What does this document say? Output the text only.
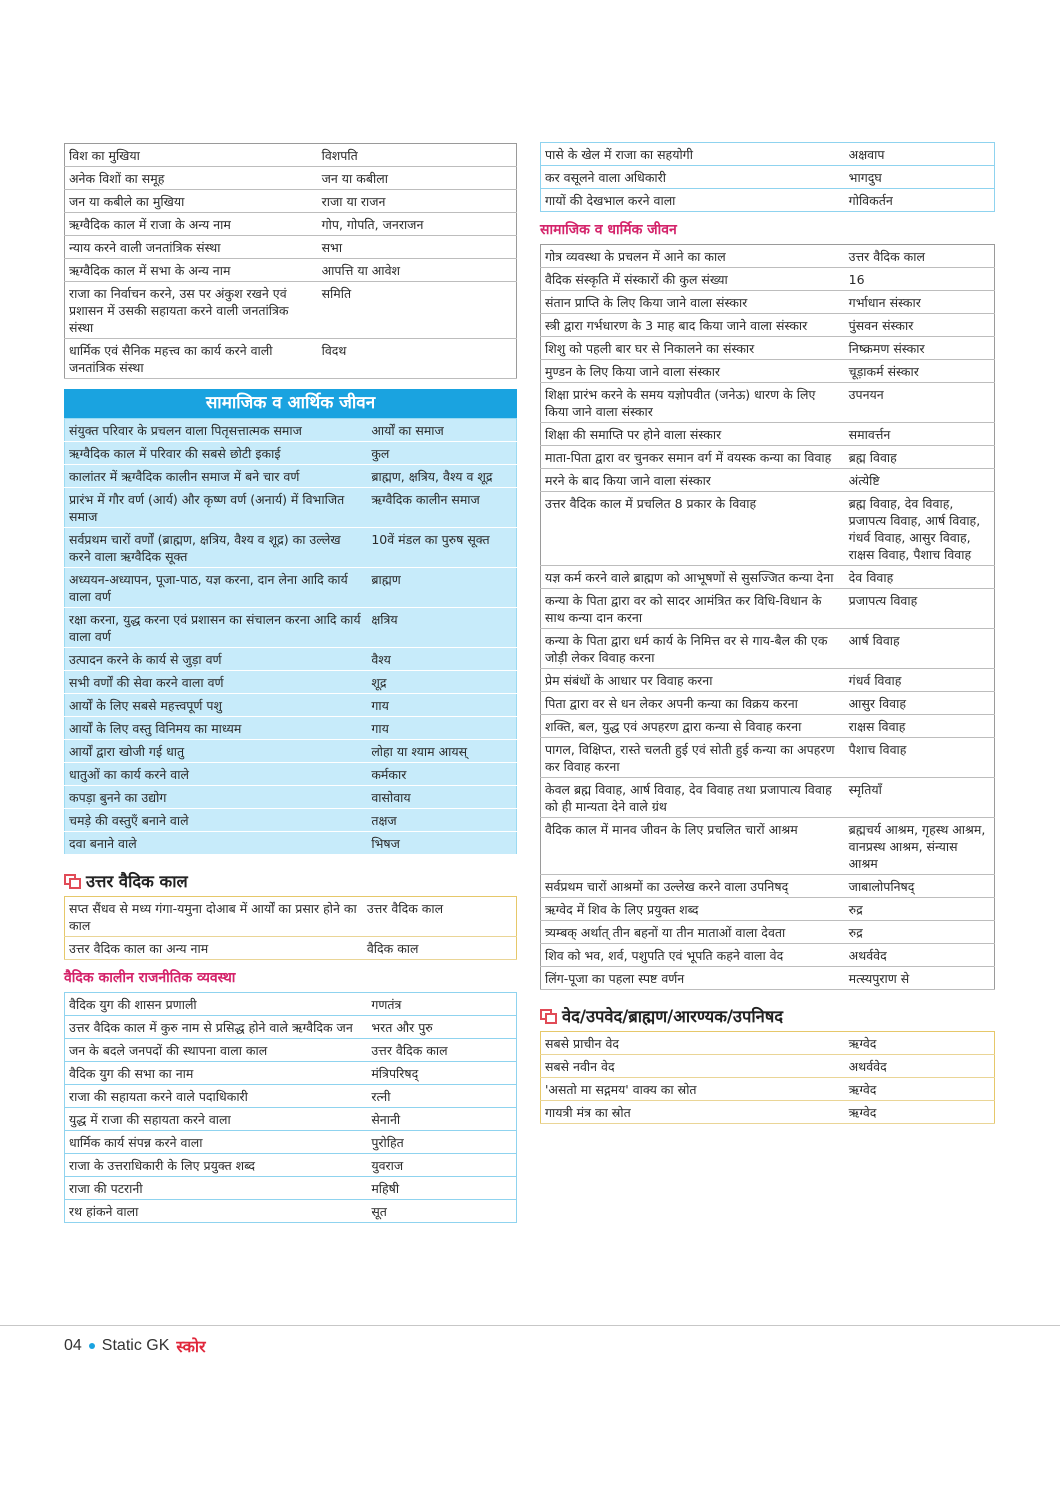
विश का मुखिया	विशपति
अनेक विशों का समूह	जन या कबीला
जन या कबीले का मुखिया	राजा या राजन
ऋग्वैदिक काल में राजा के अन्य नाम	गोप, गोपति, जनराजन
न्याय करने वाली जनतांत्रिक संस्था	सभा
ऋग्वैदिक काल में सभा के अन्य नाम	आपत्ति या आवेश
राजा का निर्वाचन करने, उस पर अंकुश रखने एवं प्रशासन में उसकी सहायता करने वाली जनतांत्रिक संस्था	समिति
धार्मिक एवं सैनिक महत्त्व का कार्य करने वाली जनतांत्रिक संस्था	विदथ
सामाजिक व आर्थिक जीवन
संयुक्त परिवार के प्रचलन वाला पितृसत्तात्मक समाज	आर्यों का समाज
ऋग्वैदिक काल में परिवार की सबसे छोटी इकाई	कुल
कालांतर में ऋग्वैदिक कालीन समाज में बने चार वर्ण	ब्राह्मण, क्षत्रिय, वैश्य व शूद्र
प्रारंभ में गौर वर्ण (आर्य) और कृष्ण वर्ण (अनार्य) में विभाजित समाज	ऋग्वैदिक कालीन समाज
सर्वप्रथम चारों वर्णों (ब्राह्मण, क्षत्रिय, वैश्य व शूद्र) का उल्लेख करने वाला ऋग्वैदिक सूक्त	10वें मंडल का पुरुष सूक्त
अध्ययन-अध्यापन, पूजा-पाठ, यज्ञ करना, दान लेना आदि कार्य वाला वर्ण	ब्राह्मण
रक्षा करना, युद्ध करना एवं प्रशासन का संचालन करना आदि कार्य वाला वर्ण	क्षत्रिय
उत्पादन करने के कार्य से जुड़ा वर्ण	वैश्य
सभी वर्णों की सेवा करने वाला वर्ण	शूद्र
आर्यों के लिए सबसे महत्त्वपूर्ण पशु	गाय
आर्यों के लिए वस्तु विनिमय का माध्यम	गाय
आर्यों द्वारा खोजी गई धातु	लोहा या श्याम आयस्
धातुओं का कार्य करने वाले	कर्मकार
कपड़ा बुनने का उद्योग	वासोवाय
चमड़े की वस्तुएँ बनाने वाले	तक्षज
दवा बनाने वाले	भिषज
उत्तर वैदिक काल
सप्त सैंधव से मध्य गंगा-यमुना दोआब में आर्यों का प्रसार होने का काल	उत्तर वैदिक काल
उत्तर वैदिक काल का अन्य नाम	वैदिक काल
वैदिक कालीन राजनीतिक व्यवस्था
वैदिक युग की शासन प्रणाली	गणतंत्र
उत्तर वैदिक काल में कुरु नाम से प्रसिद्ध होने वाले ऋग्वैदिक जन	भरत और पुरु
जन के बदले जनपदों की स्थापना वाला काल	उत्तर वैदिक काल
वैदिक युग की सभा का नाम	मंत्रिपरिषद्
राजा की सहायता करने वाले पदाधिकारी	रत्नी
युद्ध में राजा की सहायता करने वाला	सेनानी
धार्मिक कार्य संपन्न करने वाला	पुरोहित
राजा के उत्तराधिकारी के लिए प्रयुक्त शब्द	युवराज
राजा की पटरानी	महिषी
रथ हांकने वाला	सूत
पासे के खेल में राजा का सहयोगी	अक्षवाप
कर वसूलने वाला अधिकारी	भागदुघ
गायों की देखभाल करने वाला	गोविकर्तन
सामाजिक व धार्मिक जीवन
गोत्र व्यवस्था के प्रचलन में आने का काल	उत्तर वैदिक काल
वैदिक संस्कृति में संस्कारों की कुल संख्या	16
संतान प्राप्ति के लिए किया जाने वाला संस्कार	गर्भाधान संस्कार
स्त्री द्वारा गर्भधारण के 3 माह बाद किया जाने वाला संस्कार	पुंसवन संस्कार
शिशु को पहली बार घर से निकालने का संस्कार	निष्क्रमण संस्कार
मुण्डन के लिए किया जाने वाला संस्कार	चूड़ाकर्म संस्कार
शिक्षा प्रारंभ करने के समय यज्ञोपवीत (जनेऊ) धारण के लिए किया जाने वाला संस्कार	उपनयन
शिक्षा की समाप्ति पर होने वाला संस्कार	समावर्त्तन
माता-पिता द्वारा वर चुनकर समान वर्ग में वयस्क कन्या का विवाह	ब्रह्म विवाह
मरने के बाद किया जाने वाला संस्कार	अंत्येष्टि
उत्तर वैदिक काल में प्रचलित 8 प्रकार के विवाह	ब्रह्म विवाह, देव विवाह, प्रजापत्य विवाह, आर्ष विवाह, गंधर्व विवाह, आसुर विवाह, राक्षस विवाह, पैशाच विवाह
यज्ञ कर्म करने वाले ब्राह्मण को आभूषणों से सुसज्जित कन्या देना	देव विवाह
कन्या के पिता द्वारा वर को सादर आमंत्रित कर विधि-विधान के साथ कन्या दान करना	प्रजापत्य विवाह
कन्या के पिता द्वारा धर्म कार्य के निमित्त वर से गाय-बैल की एक जोड़ी लेकर विवाह करना	आर्ष विवाह
प्रेम संबंधों के आधार पर विवाह करना	गंधर्व विवाह
पिता द्वारा वर से धन लेकर अपनी कन्या का विक्रय करना	आसुर विवाह
शक्ति, बल, युद्ध एवं अपहरण द्वारा कन्या से विवाह करना	राक्षस विवाह
पागल, विक्षिप्त, रास्ते चलती हुई एवं सोती हुई कन्या का अपहरण कर विवाह करना	पैशाच विवाह
केवल ब्रह्म विवाह, आर्ष विवाह, देव विवाह तथा प्रजापात्य विवाह को ही मान्यता देने वाले ग्रंथ	स्मृतियाँ
वैदिक काल में मानव जीवन के लिए प्रचलित चारों आश्रम	ब्रह्मचर्य आश्रम, गृहस्थ आश्रम, वानप्रस्थ आश्रम, संन्यास आश्रम
सर्वप्रथम चारों आश्रमों का उल्लेख करने वाला उपनिषद्	जाबालोपनिषद्
ऋग्वेद में शिव के लिए प्रयुक्त शब्द	रुद्र
त्र्यम्बक् अर्थात् तीन बहनों या तीन माताओं वाला देवता	रुद्र
शिव को भव, शर्व, पशुपति एवं भूपति कहने वाला वेद	अथर्ववेद
लिंग-पूजा का पहला स्पष्ट वर्णन	मत्स्यपुराण से
वेद/उपवेद/ब्राह्मण/आरण्यक/उपनिषद
सबसे प्राचीन वेद	ऋग्वेद
सबसे नवीन वेद	अथर्ववेद
'असतो मा सद्गमय' वाक्य का स्रोत	ऋग्वेद
गायत्री मंत्र का स्रोत	ऋग्वेद
04 Static GK स्कोर
